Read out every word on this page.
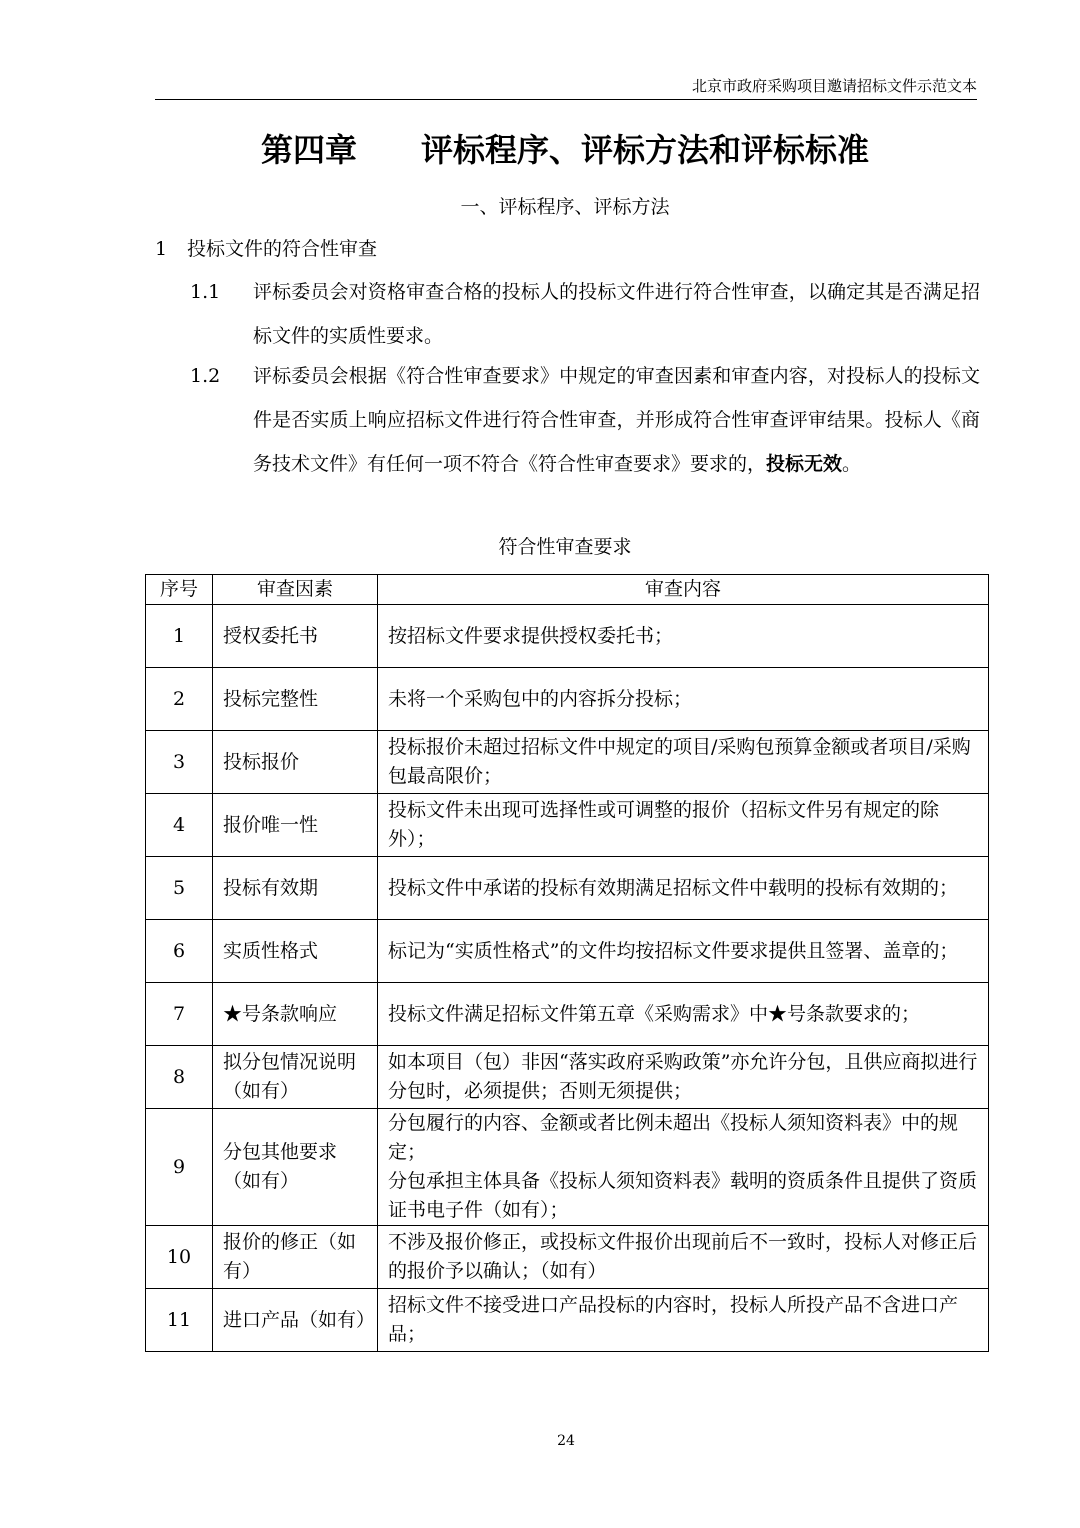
北京市政府采购项目邀请招标文件示范文本
第四章　　评标程序、评标方法和评标标准
一、评标程序、评标方法
1 投标文件的符合性审查
1.1	评标委员会对资格审查合格的投标人的投标文件进行符合性审查，以确定其是否满足招标文件的实质性要求。
1.2	评标委员会根据《符合性审查要求》中规定的审查因素和审查内容，对投标人的投标文件是否实质上响应招标文件进行符合性审查，并形成符合性审查评审结果。投标人《商务技术文件》有任何一项不符合《符合性审查要求》要求的，投标无效。
符合性审查要求
序号	审查因素	审查内容
1	授权委托书	按招标文件要求提供授权委托书；
2	投标完整性	未将一个采购包中的内容拆分投标；
3	投标报价	投标报价未超过招标文件中规定的项目/采购包预算金额或者项目/采购包最高限价；
4	报价唯一性	投标文件未出现可选择性或可调整的报价（招标文件另有规定的除外）；
5	投标有效期	投标文件中承诺的投标有效期满足招标文件中载明的投标有效期的；
6	实质性格式	标记为“实质性格式”的文件均按招标文件要求提供且签署、盖章的；
7	★号条款响应	投标文件满足招标文件第五章《采购需求》中★号条款要求的；
8	拟分包情况说明（如有）	如本项目（包）非因“落实政府采购政策”亦允许分包，且供应商拟进行分包时，必须提供；否则无须提供；
9	分包其他要求（如有）	分包履行的内容、金额或者比例未超出《投标人须知资料表》中的规定；
分包承担主体具备《投标人须知资料表》载明的资质条件且提供了资质证书电子件（如有）；

10	报价的修正（如有）	不涉及报价修正，或投标文件报价出现前后不一致时，投标人对修正后的报价予以确认；（如有）
11	进口产品（如有）	招标文件不接受进口产品投标的内容时，投标人所投产品不含进口产品；
24
